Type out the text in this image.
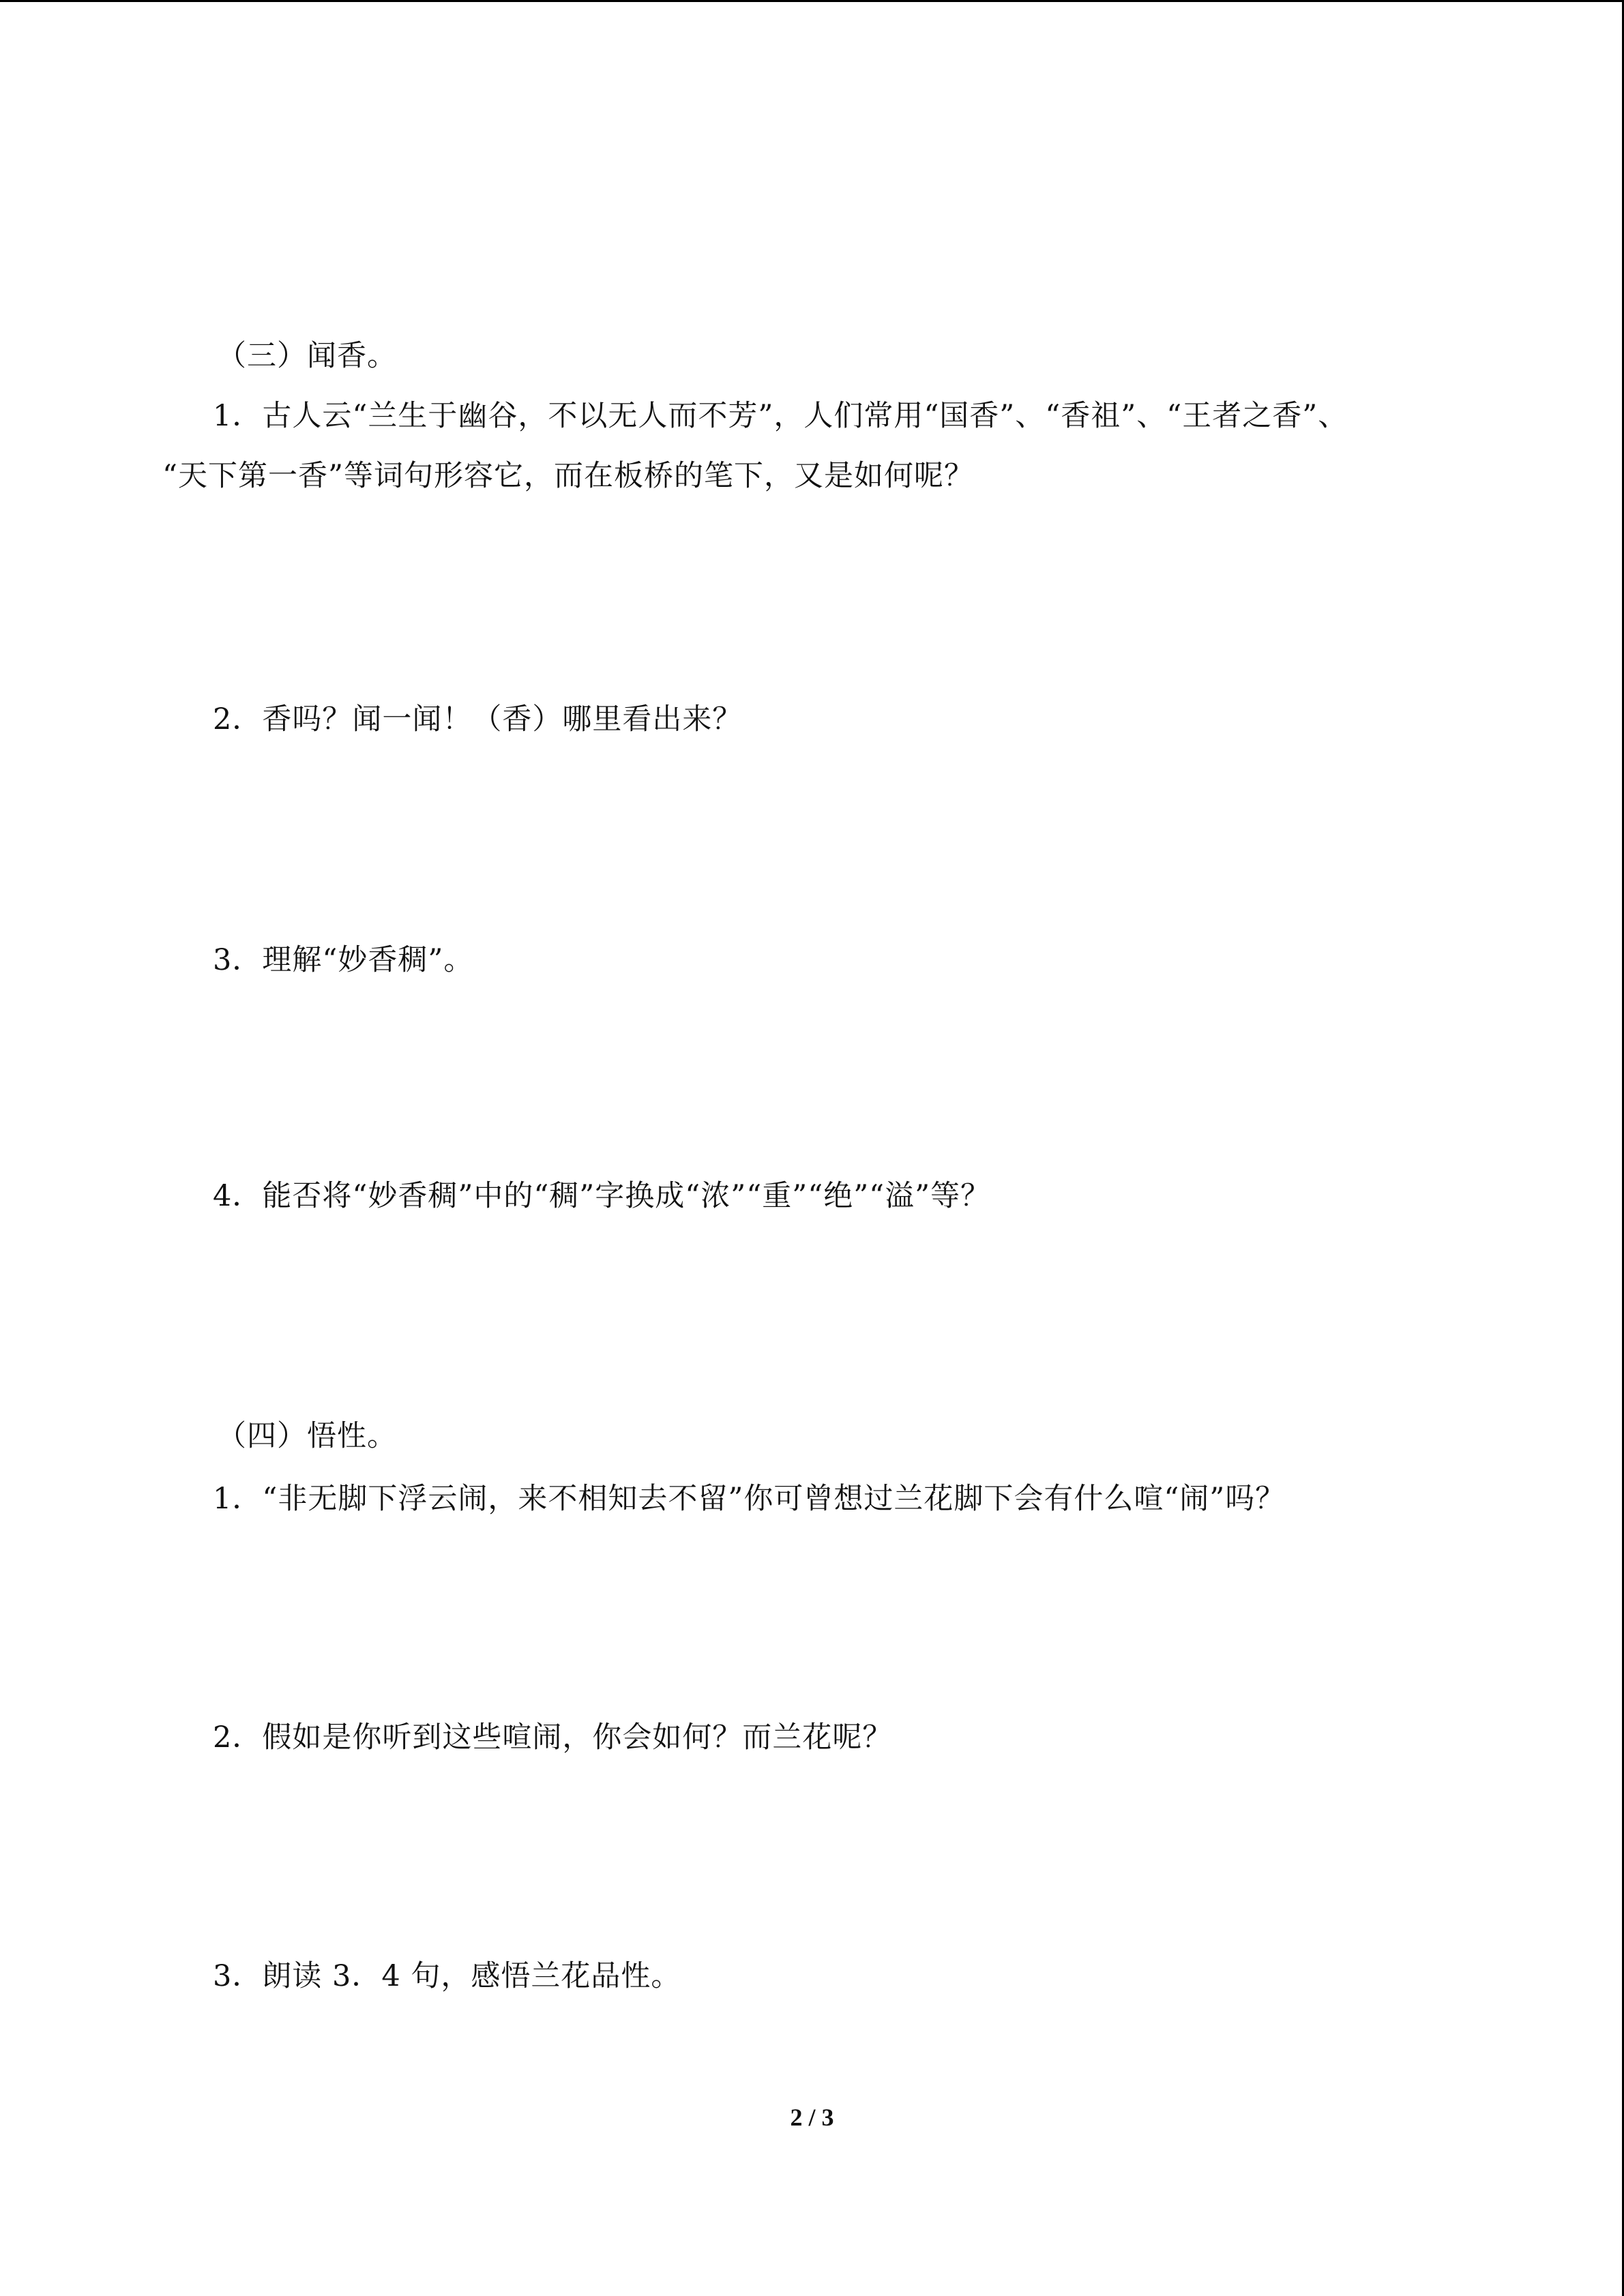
（三）闻香。
1．古人云“兰生于幽谷，不以无人而不芳”，人们常用“国香”、“香祖”、“王者之香”、
“天下第一香”等词句形容它，而在板桥的笔下，又是如何呢？
2．香吗？闻一闻！（香）哪里看出来？
3．理解“妙香稠”。
4．能否将“妙香稠”中的“稠”字换成“浓”“重”“绝”“溢”等？
（四）悟性。
1．“非无脚下浮云闹，来不相知去不留”你可曾想过兰花脚下会有什么喧“闹”吗？
2．假如是你听到这些喧闹，你会如何？而兰花呢？
3．朗读 3．4 句，感悟兰花品性。
2 / 3
